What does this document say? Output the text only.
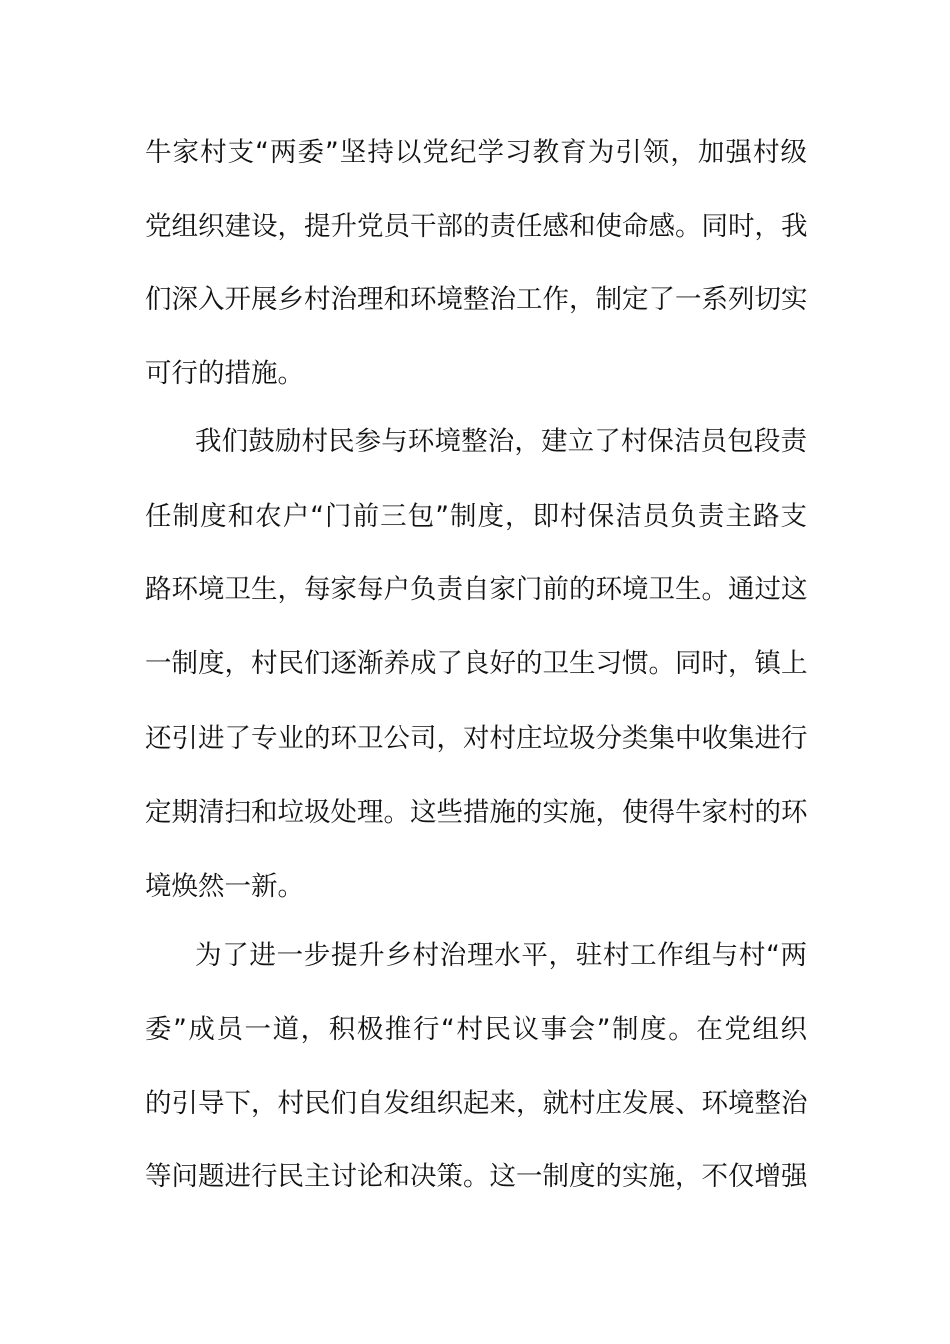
牛家村支“两委”坚持以党纪学习教育为引领，加强村级
党组织建设，提升党员干部的责任感和使命感。同时，我
们深入开展乡村治理和环境整治工作，制定了一系列切实
可行的措施。
我们鼓励村民参与环境整治，建立了村保洁员包段责
任制度和农户“门前三包”制度，即村保洁员负责主路支
路环境卫生，每家每户负责自家门前的环境卫生。通过这
一制度，村民们逐渐养成了良好的卫生习惯。同时，镇上
还引进了专业的环卫公司，对村庄垃圾分类集中收集进行
定期清扫和垃圾处理。这些措施的实施，使得牛家村的环
境焕然一新。
为了进一步提升乡村治理水平，驻村工作组与村“两
委”成员一道，积极推行“村民议事会”制度。在党组织
的引导下，村民们自发组织起来，就村庄发展、环境整治
等问题进行民主讨论和决策。这一制度的实施，不仅增强
